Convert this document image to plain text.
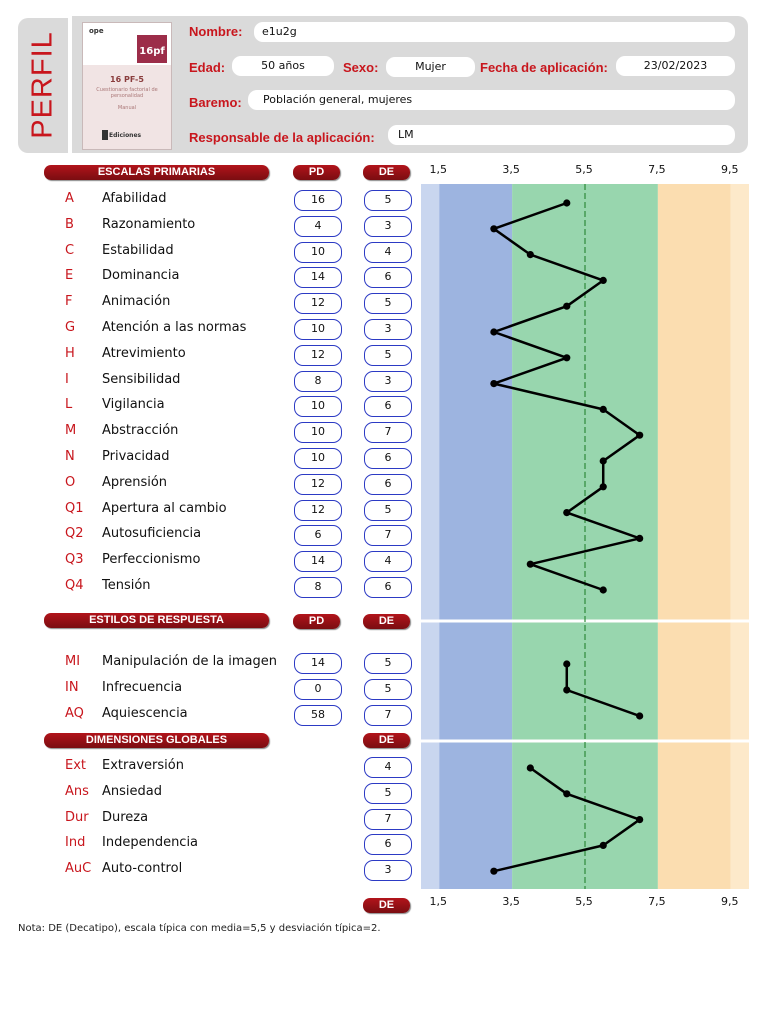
PERFIL
ope
16pf
16 PF-5
Cuestionario factorial de personalidad
Manual
Ediciones
Nombre:	e1u2g
Edad:	50 años	Sexo:	Mujer	Fecha de aplicación:	23/02/2023
Baremo:	Población general, mujeres
Responsable de la aplicación:	LM
ESCALAS PRIMARIAS	PD	DE
ESTILOS DE RESPUESTA	PD	DE
DIMENSIONES GLOBALES	DE
DE
A Afabilidad	16	5
B Razonamiento	4	3
C Estabilidad	10	4
E Dominancia	14	6
F Animación	12	5
G Atención a las normas	10	3
H Atrevimiento	12	5
I	Sensibilidad	8	3
L Vigilancia	10	6
M Abstracción	10	7
N Privacidad	10	6
O Aprensión	12	6
Q1 Apertura al cambio	12	5
Q2 Autosuficiencia	6	7
Q3 Perfeccionismo	14	4
Q4 Tensión	8	6
MI Manipulación de la imagen	14	5
IN Infrecuencia	0	5
AQ Aquiescencia	58	7
Ext Extraversión	4
Ans Ansiedad	5
Dur Dureza	7
Ind Independencia	6
AuC Auto-control	3
1,5	3,5	5,5	7,5	9,5
1,5	3,5	5,5	7,5	9,5
Nota: DE (Decatipo), escala típica con media=5,5 y desviación típica=2.
